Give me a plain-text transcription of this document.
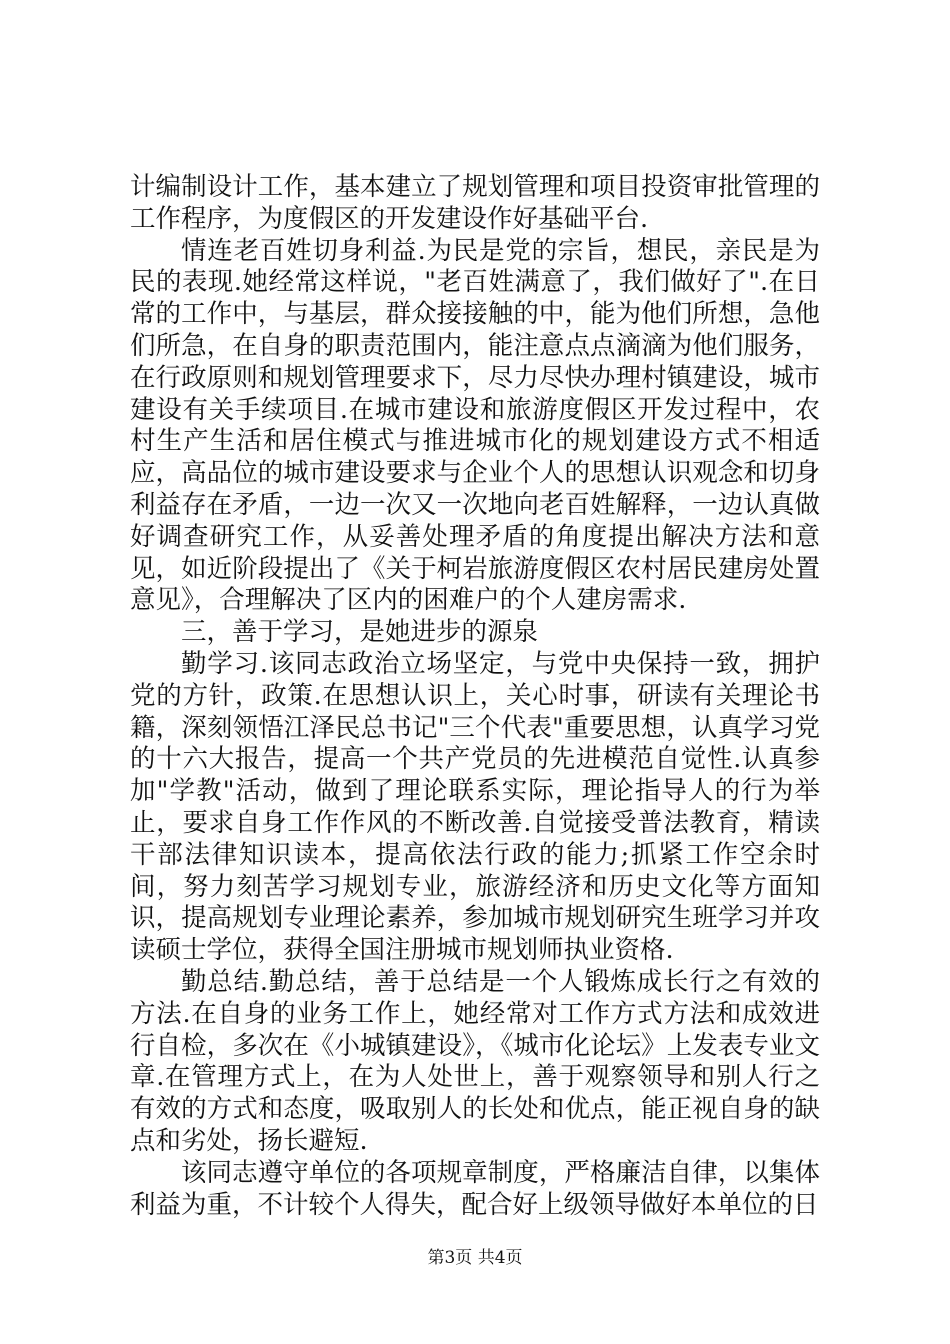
计编制设计工作，基本建立了规划管理和项目投资审批管理的工作程序，为度假区的开发建设作好基础平台.

情连老百姓切身利益.为民是党的宗旨，想民，亲民是为民的表现.她经常这样说，"老百姓满意了，我们做好了".在日常的工作中，与基层，群众接接触的中，能为他们所想，急他们所急，在自身的职责范围内，能注意点点滴滴为他们服务，在行政原则和规划管理要求下，尽力尽快办理村镇建设，城市建设有关手续项目.在城市建设和旅游度假区开发过程中，农村生产生活和居住模式与推进城市化的规划建设方式不相适应，高品位的城市建设要求与企业个人的思想认识观念和切身利益存在矛盾，一边一次又一次地向老百姓解释，一边认真做好调查研究工作，从妥善处理矛盾的角度提出解决方法和意见，如近阶段提出了《关于柯岩旅游度假区农村居民建房处置意见》，合理解决了区内的困难户的个人建房需求.

三，善于学习，是她进步的源泉

勤学习.该同志政治立场坚定，与党中央保持一致，拥护党的方针，政策.在思想认识上，关心时事，研读有关理论书籍，深刻领悟江泽民总书记"三个代表"重要思想，认真学习党的十六大报告，提高一个共产党员的先进模范自觉性.认真参加"学教"活动，做到了理论联系实际，理论指导人的行为举止，要求自身工作作风的不断改善.自觉接受普法教育，精读干部法律知识读本，提高依法行政的能力;抓紧工作空余时间，努力刻苦学习规划专业，旅游经济和历史文化等方面知识，提高规划专业理论素养，参加城市规划研究生班学习并攻读硕士学位，获得全国注册城市规划师执业资格.

勤总结.勤总结，善于总结是一个人锻炼成长行之有效的方法.在自身的业务工作上，她经常对工作方式方法和成效进行自检，多次在《小城镇建设》，《城市化论坛》上发表专业文章.在管理方式上，在为人处世上，善于观察领导和别人行之有效的方式和态度，吸取别人的长处和优点，能正视自身的缺点和劣处，扬长避短.

该同志遵守单位的各项规章制度，严格廉洁自律，以集体利益为重，不计较个人得失，配合好上级领导做好本单位的日

第3页 共4页
